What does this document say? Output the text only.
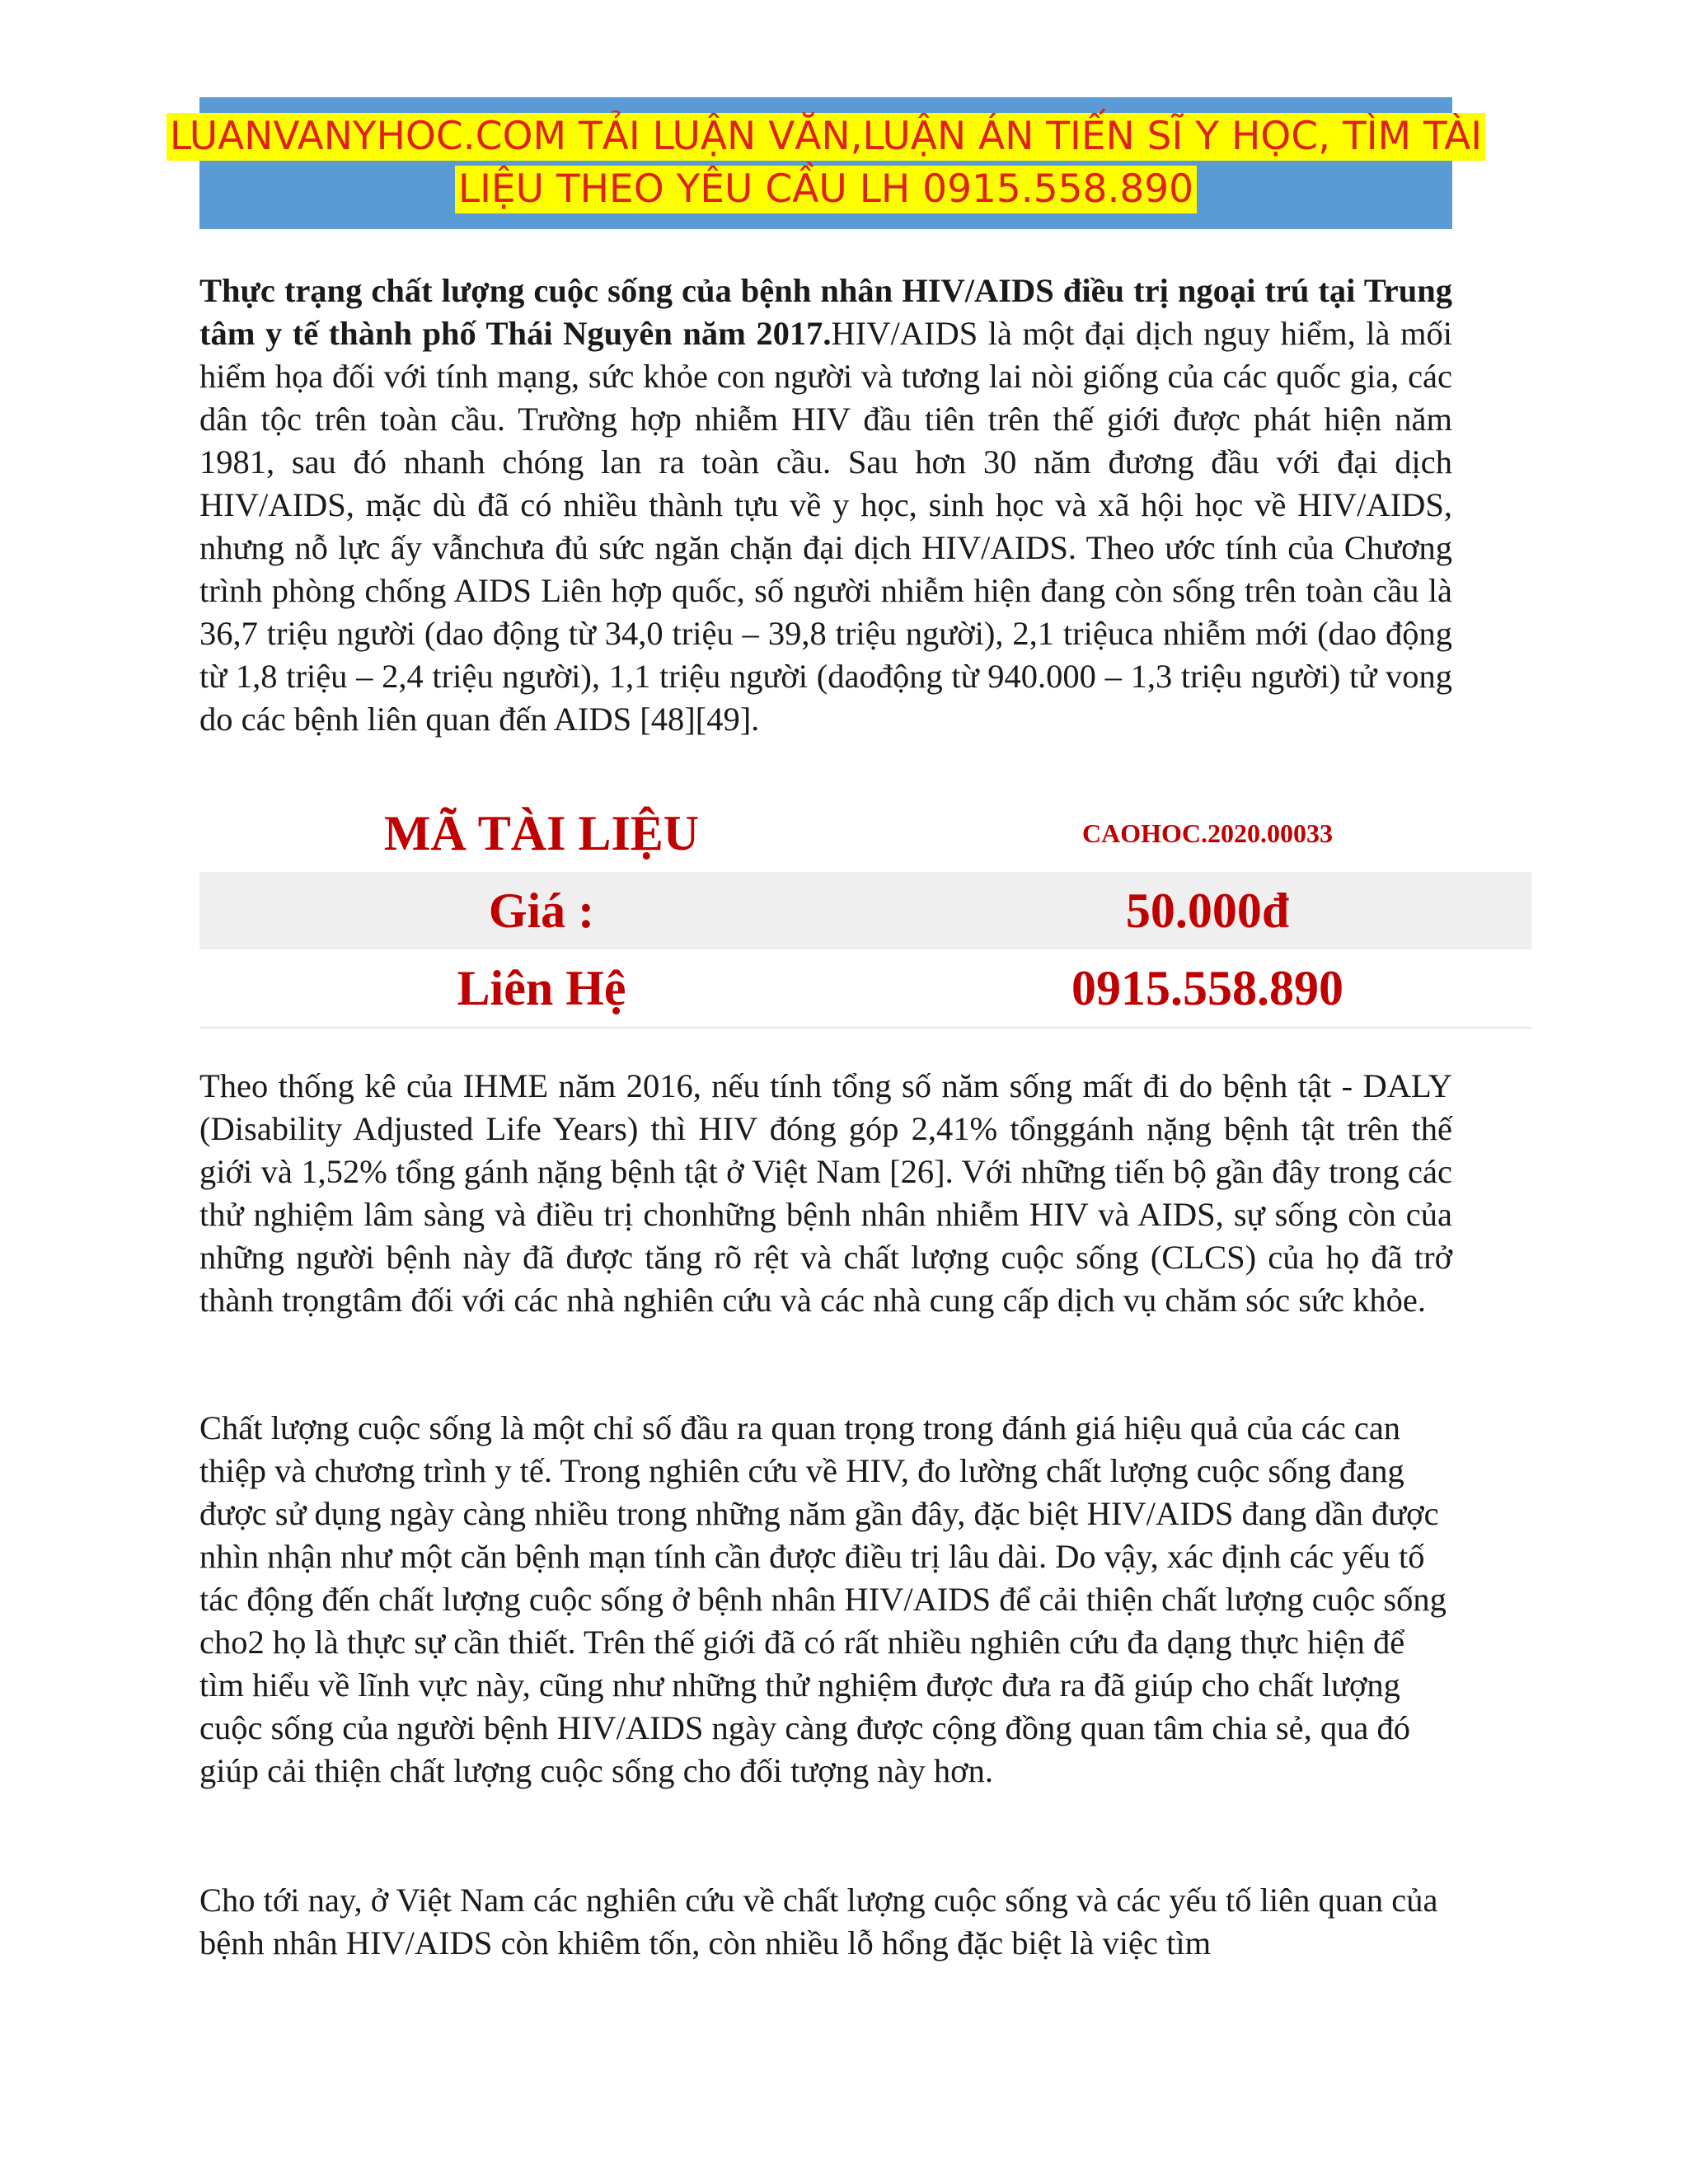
LUANVANYHOC.COM TẢI LUẬN VĂN,LUẬN ÁN TIẾN SĨ Y HỌC, TÌM TÀI
LIỆU THEO YÊU CẦU LH 0915.558.890

Thực trạng chất lượng cuộc sống của bệnh nhân HIV/AIDS điều trị ngoại trú tại Trung tâm y tế thành phố Thái Nguyên năm 2017.HIV/AIDS là một đại dịch nguy hiểm, là mối hiểm họa đối với tính mạng, sức khỏe con người và tương lai nòi giống của các quốc gia, các dân tộc trên toàn cầu. Trường hợp nhiễm HIV đầu tiên trên thế giới được phát hiện năm 1981, sau đó nhanh chóng lan ra toàn cầu. Sau hơn 30 năm đương đầu với đại dịch HIV/AIDS, mặc dù đã có nhiều thành tựu về y học, sinh học và xã hội học về HIV/AIDS, nhưng nỗ lực ấy vẫnchưa đủ sức ngăn chặn đại dịch HIV/AIDS. Theo ước tính của Chương trình phòng chống AIDS Liên hợp quốc, số người nhiễm hiện đang còn sống trên toàn cầu là 36,7 triệu người (dao động từ 34,0 triệu – 39,8 triệu người), 2,1 triệuca nhiễm mới (dao động từ 1,8 triệu – 2,4 triệu người), 1,1 triệu người (daođộng từ 940.000 – 1,3 triệu người) tử vong do các bệnh liên quan đến AIDS [48][49].

MÃ TÀI LIỆU	CAOHOC.2020.00033
Giá :	50.000đ
Liên Hệ	0915.558.890

Theo thống kê của IHME năm 2016, nếu tính tổng số năm sống mất đi do bệnh tật - DALY (Disability Adjusted Life Years) thì HIV đóng góp 2,41% tổnggánh nặng bệnh tật trên thế giới và 1,52% tổng gánh nặng bệnh tật ở Việt Nam [26]. Với những tiến bộ gần đây trong các thử nghiệm lâm sàng và điều trị chonhững bệnh nhân nhiễm HIV và AIDS, sự sống còn của những người bệnh này đã được tăng rõ rệt và chất lượng cuộc sống (CLCS) của họ đã trở thành trọngtâm đối với các nhà nghiên cứu và các nhà cung cấp dịch vụ chăm sóc sức khỏe.

Chất lượng cuộc sống là một chỉ số đầu ra quan trọng trong đánh giá hiệu quả của các can thiệp và chương trình y tế. Trong nghiên cứu về HIV, đo lường chất lượng cuộc sống đang được sử dụng ngày càng nhiều trong những năm gần đây, đặc biệt HIV/AIDS đang dần được nhìn nhận như một căn bệnh mạn tính cần được điều trị lâu dài. Do vậy, xác định các yếu tố tác động đến chất lượng cuộc sống ở bệnh nhân HIV/AIDS để cải thiện chất lượng cuộc sống cho2 họ là thực sự cần thiết. Trên thế giới đã có rất nhiều nghiên cứu đa dạng thực hiện để tìm hiểu về lĩnh vực này, cũng như những thử nghiệm được đưa ra đã giúp cho chất lượng cuộc sống của người bệnh HIV/AIDS ngày càng được cộng đồng quan tâm chia sẻ, qua đó giúp cải thiện chất lượng cuộc sống cho đối tượng này hơn.

Cho tới nay, ở Việt Nam các nghiên cứu về chất lượng cuộc sống và các yếu tố liên quan của bệnh nhân HIV/AIDS còn khiêm tốn, còn nhiều lỗ hổng đặc biệt là việc tìm
